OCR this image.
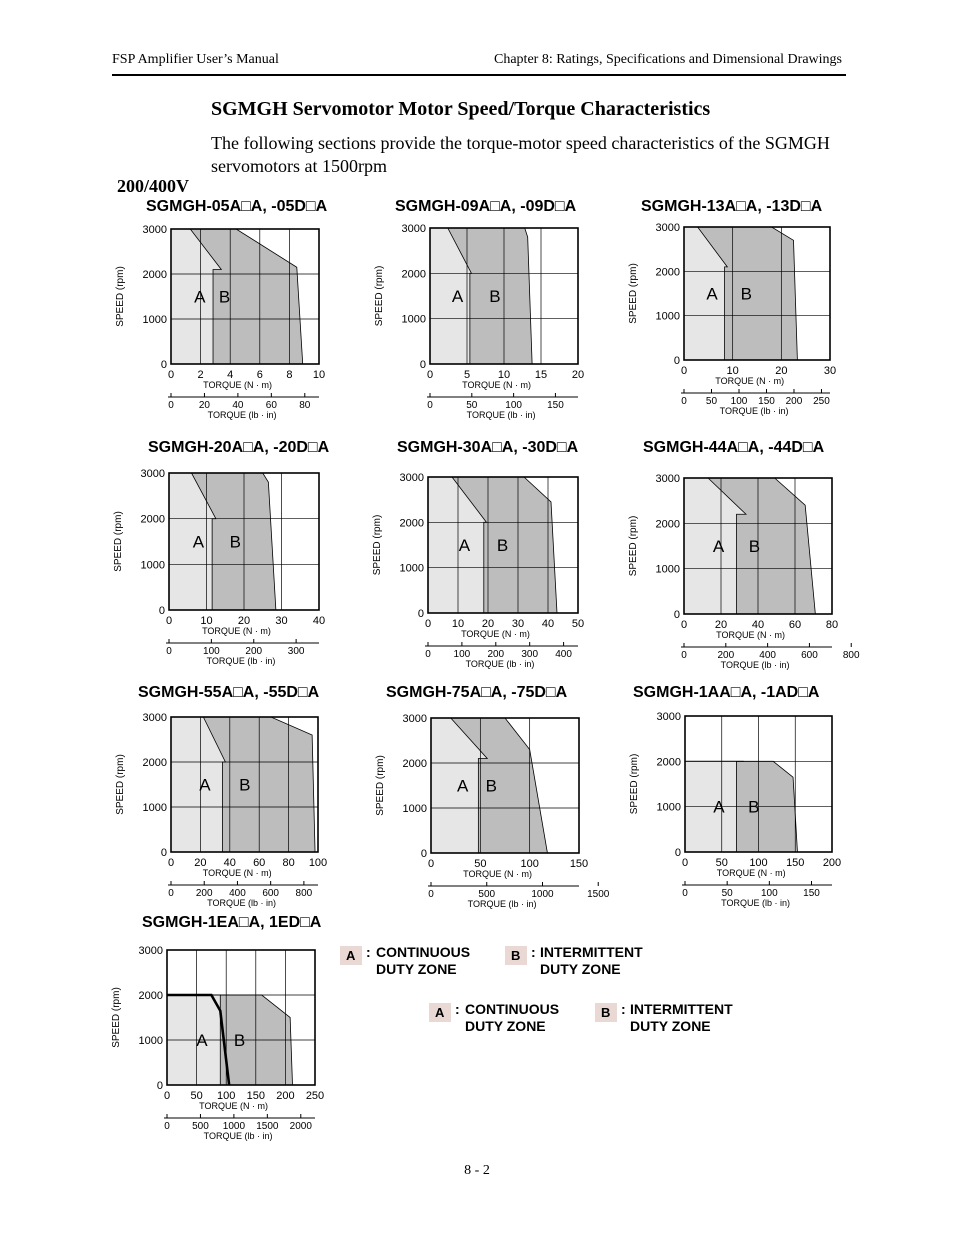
FSP Amplifier User’s Manual	Chapter 8: Ratings, Specifications and Dimensional Drawings
SGMGH Servomotor Motor Speed/Torque Characteristics
The following sections provide the torque-motor speed characteristics of the SGMGH servomotors at 1500rpm
200/400V
SGMGH-05A□A, -05D□A
0
1000
2000
3000
SPEED (rpm)
0 2 4 6 8 10
TORQUE (N · m)
0	20 40 60 80
TORQUE (lb · in)
A B
SGMGH-09A□A, -09D□A
0
1000
2000
3000
SPEED (rpm)
0	5	10 15 20
TORQUE (N · m)
0	50	100	150
TORQUE (lb · in)
A B
SGMGH-13A□A, -13D□A
0
1000
2000
3000
SPEED (rpm)
0	10	20	30
TORQUE (N · m)
0 50 100 150 200 250
TORQUE (lb · in)
A B
SGMGH-20A□A, -20D□A
0
1000
2000
3000
SPEED (rpm)
0	10 20 30 40
TORQUE (N · m)
0	100	200	300
TORQUE (lb · in)
A B
SGMGH-30A□A, -30D□A
0
1000
2000
3000
SPEED (rpm)
0 10 20 30 40 50
TORQUE (N · m)
0 100 200 300 400
TORQUE (lb · in)
A B
SGMGH-44A□A, -44D□A
0
1000
2000
3000
SPEED (rpm)
0	20 40 60 80
TORQUE (N · m)
0	200	400	600	800
TORQUE (lb · in)
A B
SGMGH-55A□A, -55D□A
0
1000
2000
3000
SPEED (rpm)
0 20 40 60 80 100
TORQUE (N · m)
0 200 400 600 800
TORQUE (lb · in)
A B
SGMGH-75A□A, -75D□A
0
1000
2000
3000
SPEED (rpm)
0	50	100	150
TORQUE (N · m)
0	500	1000	1500
TORQUE (lb · in)
A B
SGMGH-1AA□A, -1AD□A
0
1000
2000
3000
SPEED (rpm)
0	50 100 150 200
TORQUE (N · m)
0	50	100	150
TORQUE (lb · in)
A B
SGMGH-1EA□A, 1ED□A
0
1000
2000
3000
SPEED (rpm)
0 50 100 150 200 250
TORQUE (N · m)
0 500 1000 1500 2000
TORQUE (lb · in)
A B
A : CONTINUOUS
DUTY ZONE
B : INTERMITTENT
DUTY ZONE
A : CONTINUOUS
DUTY ZONE
B : INTERMITTENT
DUTY ZONE
8 - 2
